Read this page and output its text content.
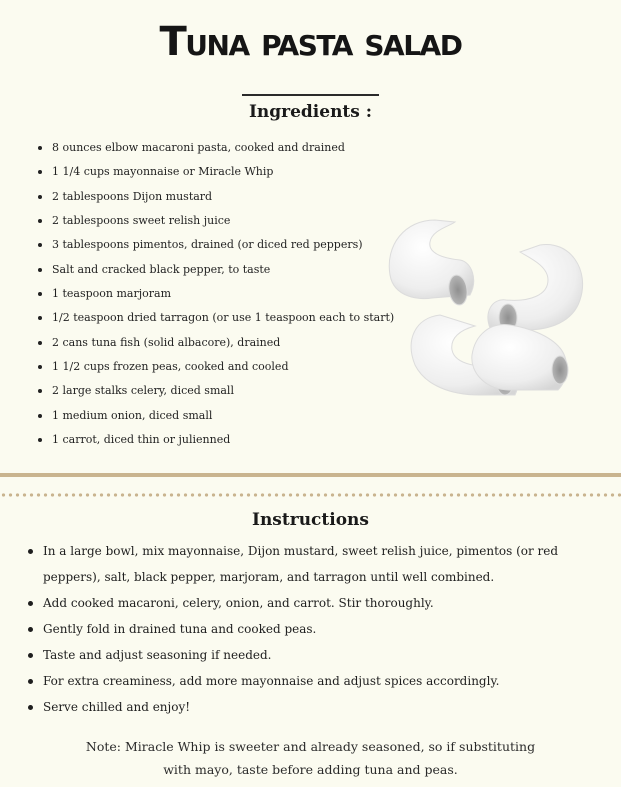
Tuna pasta salad
Ingredients :
8 ounces elbow macaroni pasta, cooked and drained
1 1/4 cups mayonnaise or Miracle Whip
2 tablespoons Dijon mustard
2 tablespoons sweet relish juice
3 tablespoons pimentos, drained (or diced red peppers)
Salt and cracked black pepper, to taste
1 teaspoon marjoram
1/2 teaspoon dried tarragon (or use 1 teaspoon each to start)
2 cans tuna fish (solid albacore), drained
1 1/2 cups frozen peas, cooked and cooled
2 large stalks celery, diced small
1 medium onion, diced small
1 carrot, diced thin or julienned
Instructions
In a large bowl, mix mayonnaise, Dijon mustard, sweet relish juice, pimentos (or red peppers), salt, black pepper, marjoram, and tarragon until well combined.
Add cooked macaroni, celery, onion, and carrot. Stir thoroughly.
Gently fold in drained tuna and cooked peas.
Taste and adjust seasoning if needed.
For extra creaminess, add more mayonnaise and adjust spices accordingly.
Serve chilled and enjoy!
Note: Miracle Whip is sweeter and already seasoned, so if substituting
with mayo, taste before adding tuna and peas.
